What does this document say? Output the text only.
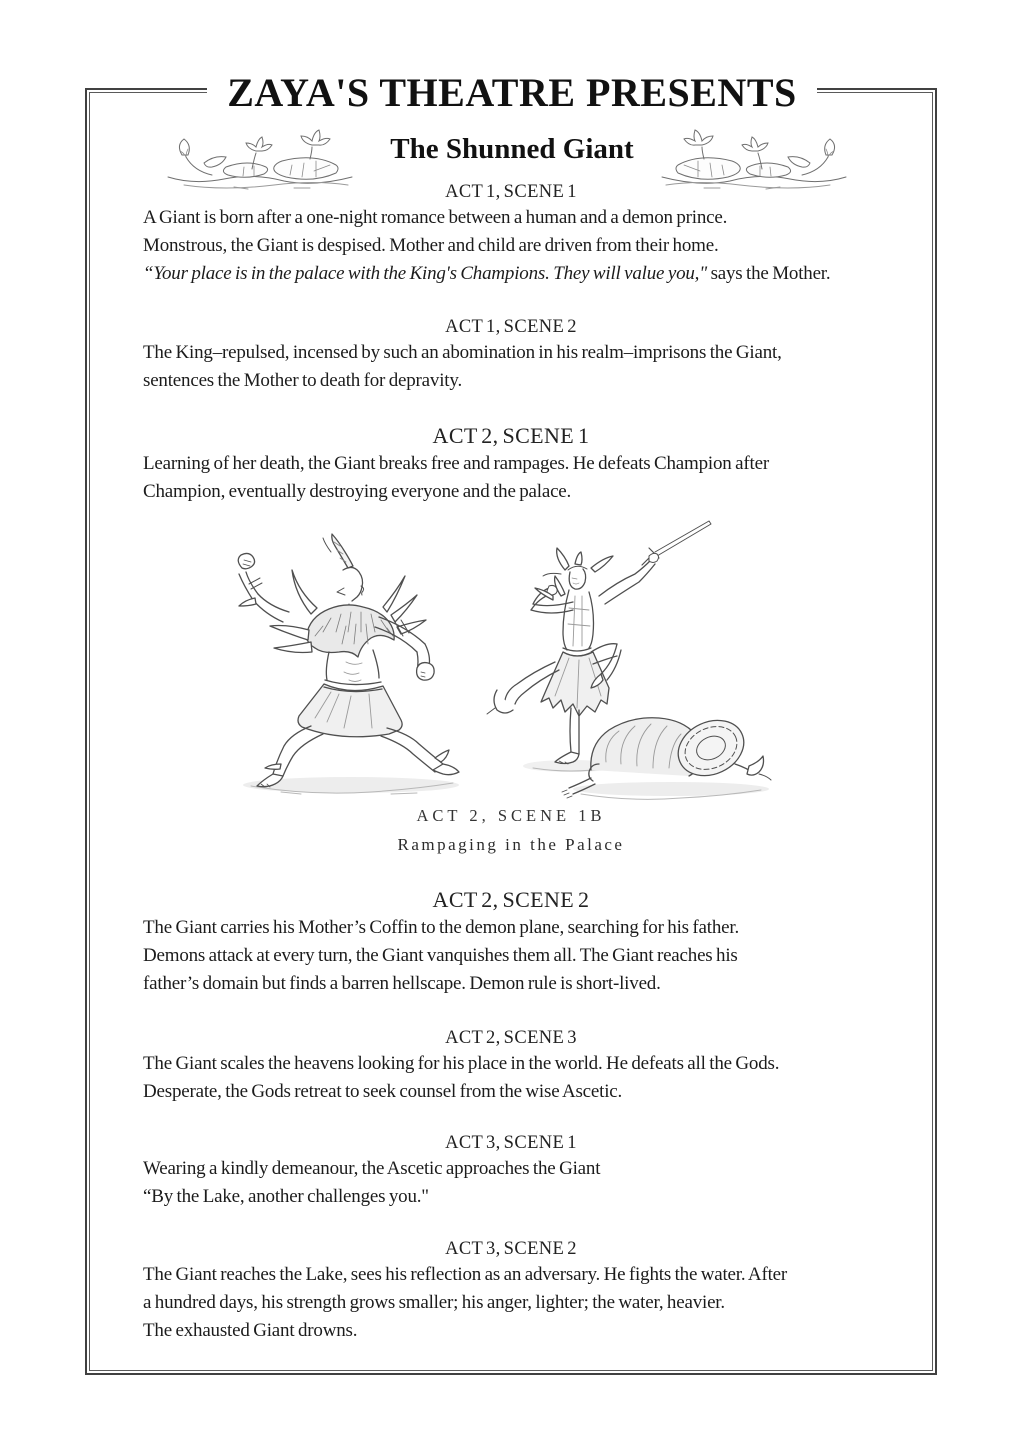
ZAYA'S THEATRE PRESENTS
The Shunned Giant
ACT 1, SCENE 1
A Giant is born after a one-night romance between a human and a demon prince.
Monstrous, the Giant is despised. Mother and child are driven from their home.
“Your place is in the palace with the King's Champions. They will value you," says the Mother.
ACT 1, SCENE 2
The King–repulsed, incensed by such an abomination in his realm–imprisons the Giant,
sentences the Mother to death for depravity.
ACT 2, SCENE 1
Learning of her death, the Giant breaks free and rampages. He defeats Champion after
Champion, eventually destroying everyone and the palace.
ACT 2, SCENE 1B
Rampaging in the Palace
ACT 2, SCENE 2
The Giant carries his Mother’s Coffin to the demon plane, searching for his father.
Demons attack at every turn, the Giant vanquishes them all. The Giant reaches his
father’s domain but finds a barren hellscape. Demon rule is short-lived.
ACT 2, SCENE 3
The Giant scales the heavens looking for his place in the world. He defeats all the Gods.
Desperate, the Gods retreat to seek counsel from the wise Ascetic.
ACT 3, SCENE 1
Wearing a kindly demeanour, the Ascetic approaches the Giant
“By the Lake, another challenges you."
ACT 3, SCENE 2
The Giant reaches the Lake, sees his reflection as an adversary. He fights the water. After
a hundred days, his strength grows smaller; his anger, lighter; the water, heavier.
The exhausted Giant drowns.
